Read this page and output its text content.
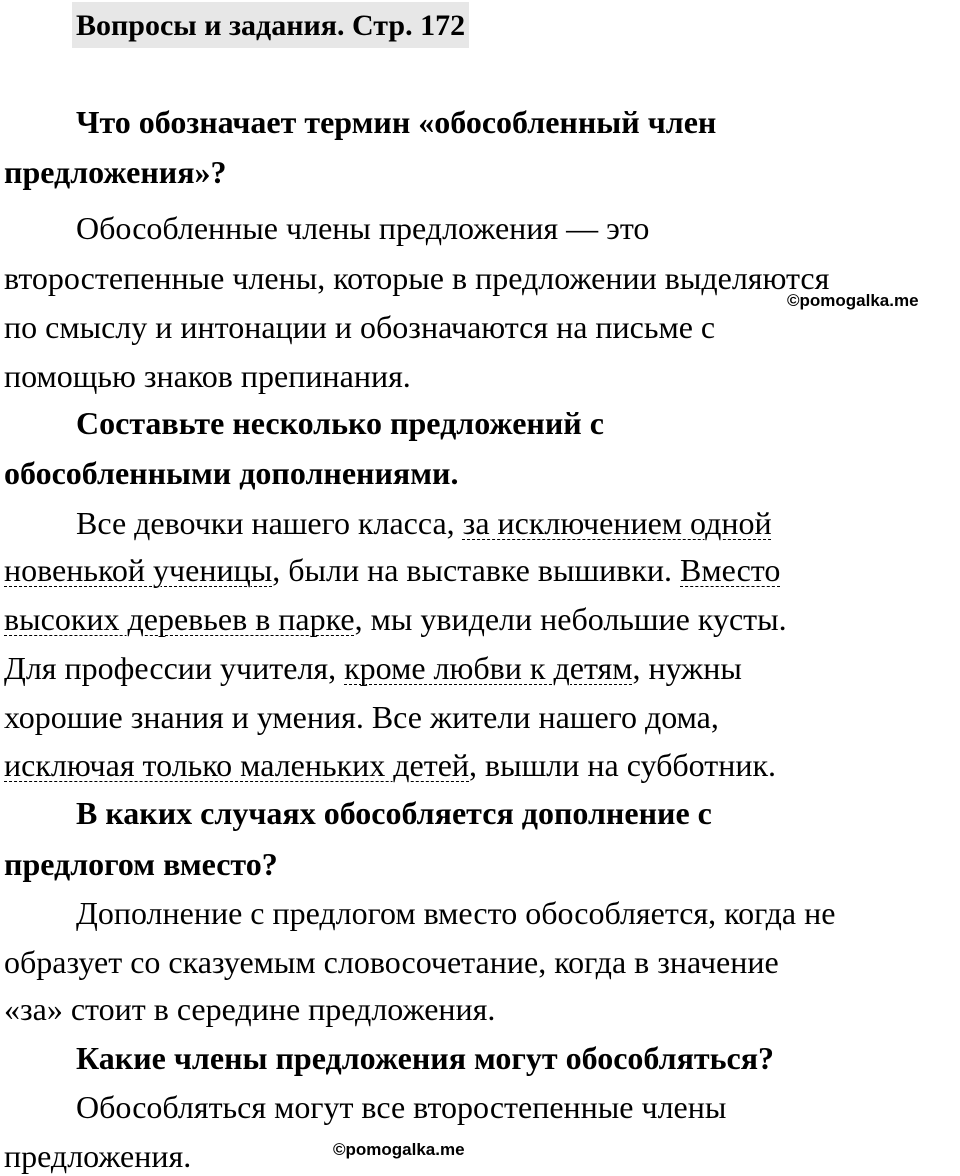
Вопросы и задания. Стр. 172
Что обозначает термин «обособленный член
предложения»?
Обособленные члены предложения — это
второстепенные члены, которые в предложении выделяются
по смыслу и интонации и обозначаются на письме с
помощью знаков препинания.
Составьте несколько предложений с
обособленными дополнениями.
Все девочки нашего класса, за исключением одной
новенькой ученицы, были на выставке вышивки. Вместо
высоких деревьев в парке, мы увидели небольшие кусты.
Для профессии учителя, кроме любви к детям, нужны
хорошие знания и умения. Все жители нашего дома,
исключая только маленьких детей, вышли на субботник.
В каких случаях обособляется дополнение с
предлогом вместо?
Дополнение с предлогом вместо обособляется, когда не
образует со сказуемым словосочетание, когда в значение
«за» стоит в середине предложения.
Какие члены предложения могут обособляться?
Обособляться могут все второстепенные члены
предложения.
©pomogalka.me
©pomogalka.me
